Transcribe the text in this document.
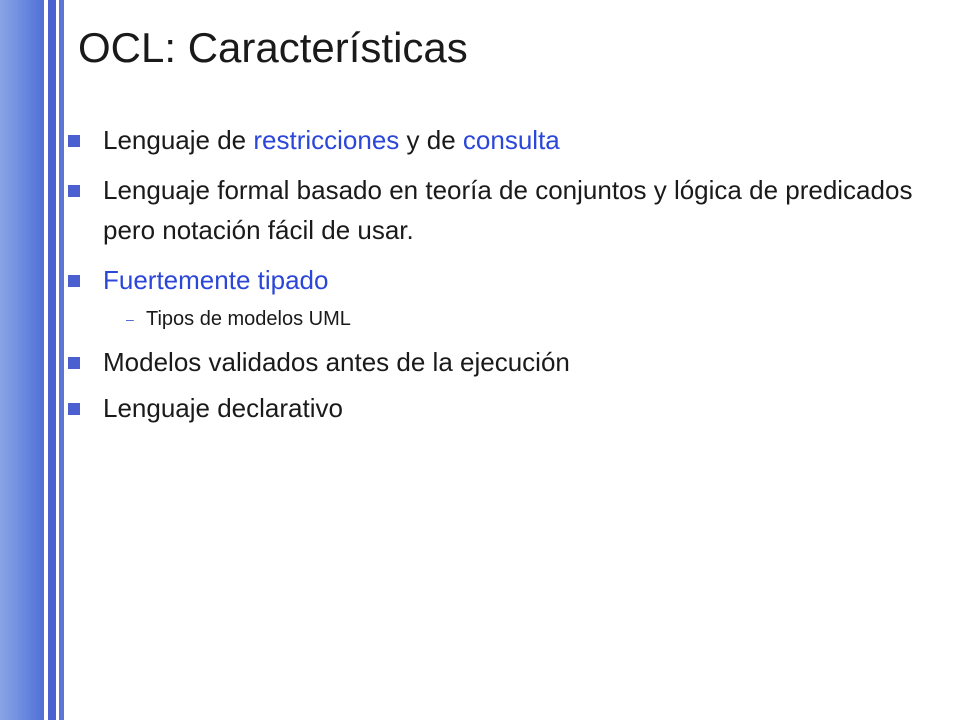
OCL: Características
Lenguaje de restricciones y de consulta
Lenguaje formal basado en teoría de conjuntos y lógica de predicados pero notación fácil de usar.
Fuertemente tipado
– Tipos de modelos UML
Modelos validados antes de la ejecución
Lenguaje declarativo
